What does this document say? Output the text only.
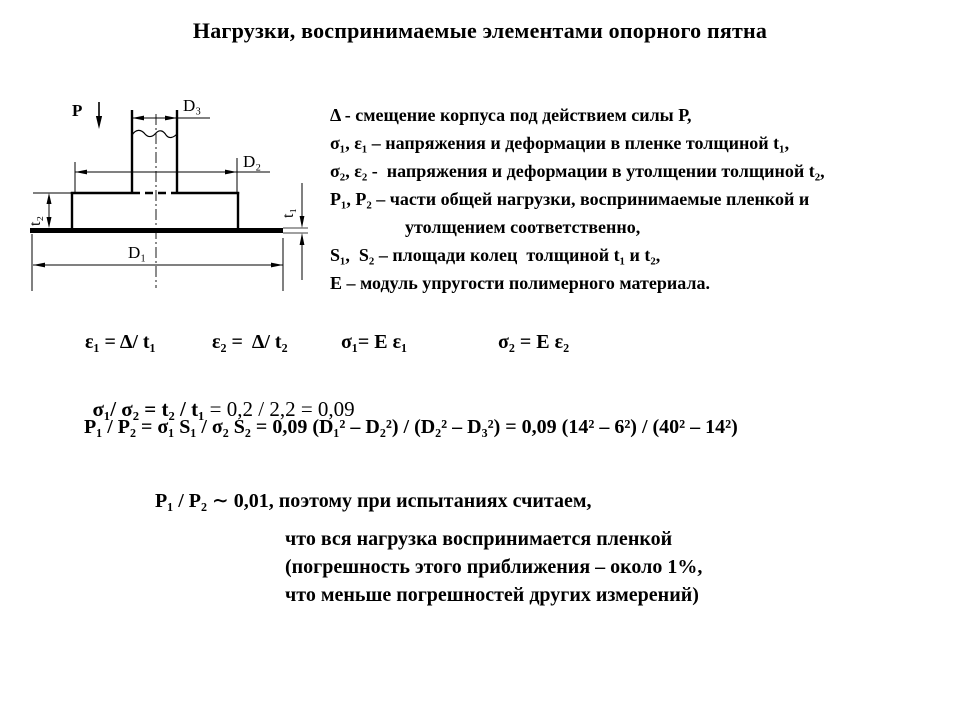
Нагрузки, воспринимаемые элементами опорного пятна
P	D₃
D₂
t₂
t₁
D₁
Δ - смещение корпуса под действием силы Р,
σ₁, ε₁ – напряжения и деформации в пленке толщиной t₁,
σ₂, ε₂ -  напряжения и деформации в утолщении толщиной t₂,
Р₁, Р₂ – части общей нагрузки, воспринимаемые пленкой и
утолщением соответственно,
S₁,  S₂ – площади колец  толщиной t₁ и t₂,
Е – модуль упругости полимерного материала.
ε₁ = Δ/ t₁	ε₂ =  Δ/ t₂	σ₁= E ε₁	σ₂ = E ε₂

σ₁/ σ₂ = t₂ / t₁ = 0,2 / 2,2 = 0,09

Р₁ / Р₂ = σ₁ S₁ / σ₂ S₂ = 0,09 (D₁² – D₂²) / (D₂² – D₃²) = 0,09 (14² – 6²) / (40² – 14²)
Р₁ / Р₂ ∼ 0,01, поэтому при испытаниях считаем,
что вся нагрузка воспринимается пленкой
(погрешность этого приближения – около 1%,
что меньше погрешностей других измерений)
